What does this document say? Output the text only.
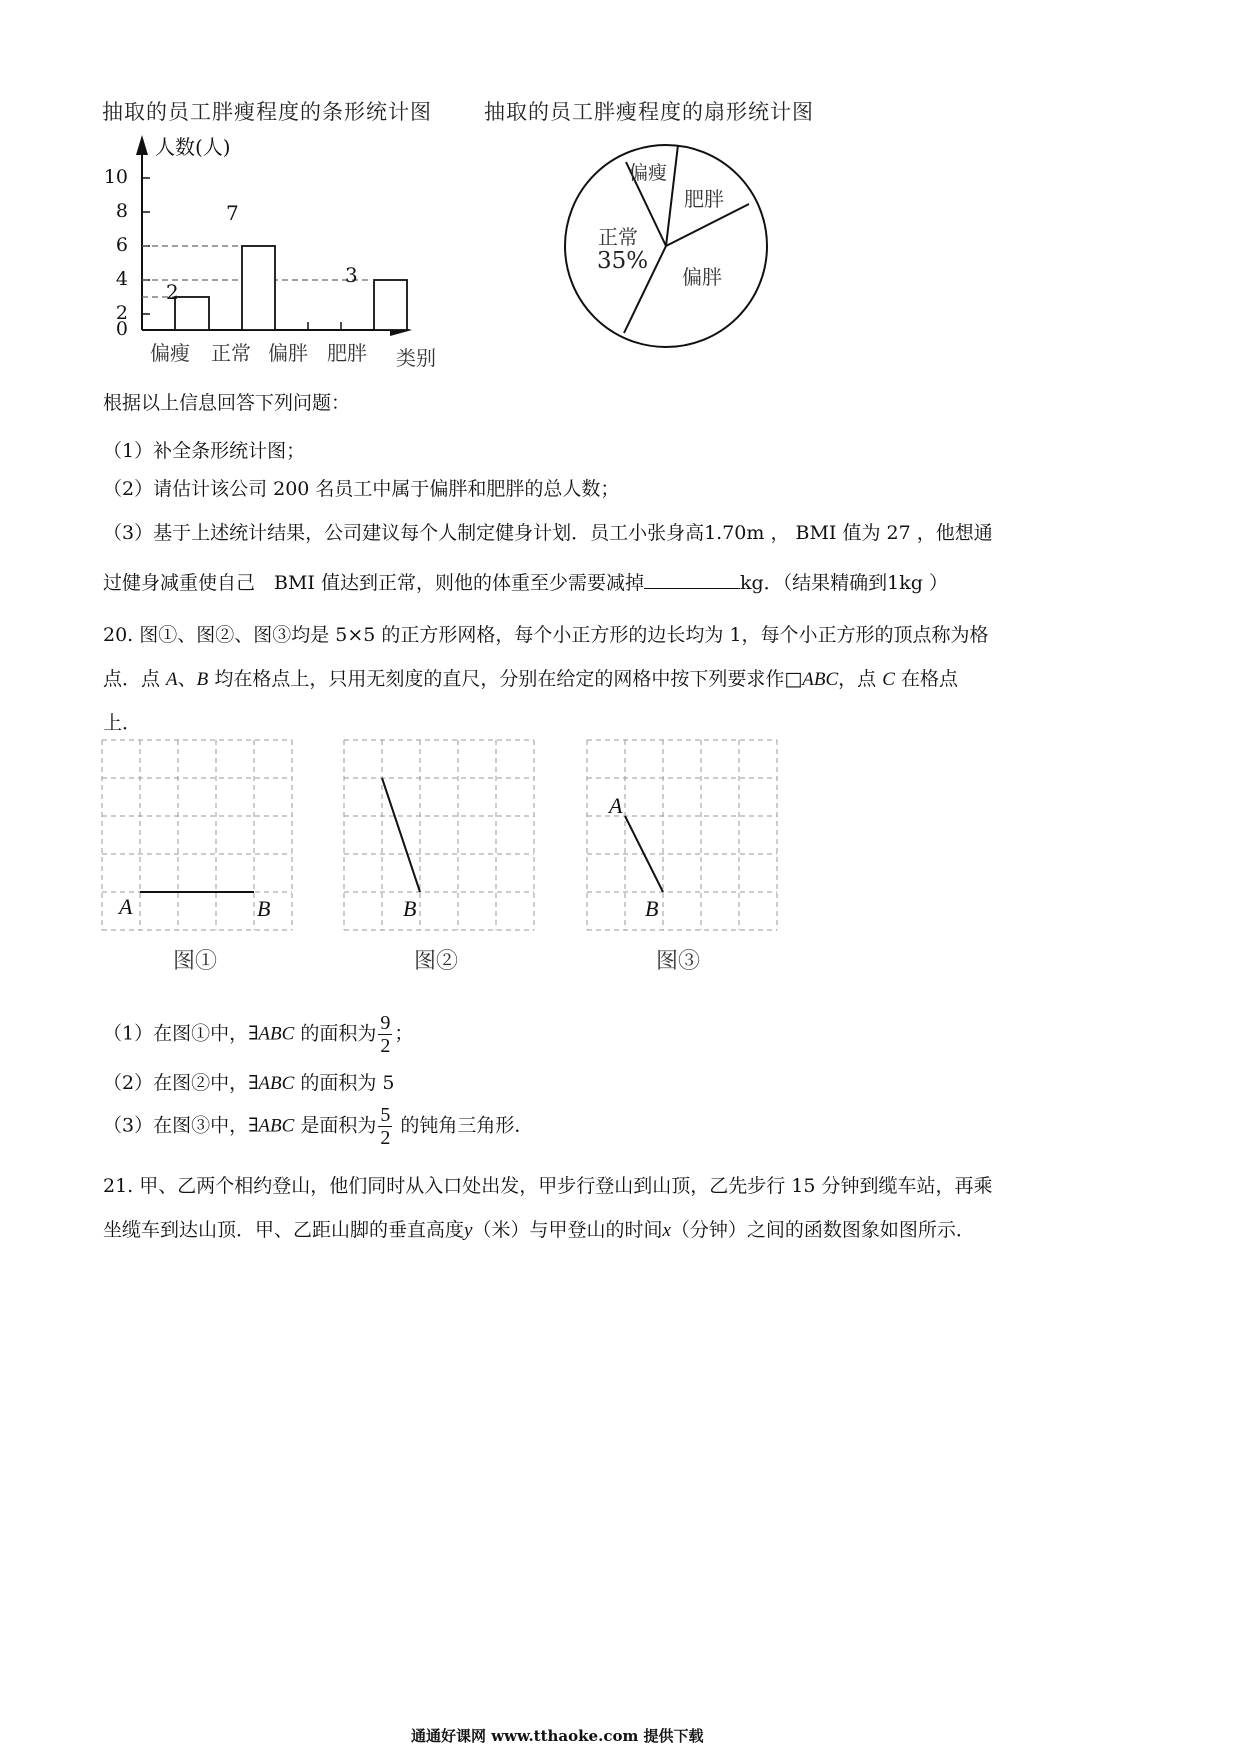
抽取的员工胖瘦程度的条形统计图 抽取的员工胖瘦程度的扇形统计图
人数(人)
10
8
6
4
2
0
2
7
3
偏瘦 正常 偏胖 肥胖 类别
偏瘦
肥胖
偏胖
正常
35%
根据以上信息回答下列问题：
（1）补全条形统计图；
（2）请估计该公司 200 名员工中属于偏胖和肥胖的总人数；
（3）基于上述统计结果，公司建议每个人制定健身计划．员工小张身高1.70m ， BMI 值为 27 ，他想通
过健身减重使自己　BMI 值达到正常，则他的体重至少需要减掉	kg．（结果精确到1kg ）
20. 图①、图②、图③均是 5×5 的正方形网格，每个小正方形的边长均为 1，每个小正方形的顶点称为格
点．点 A、B 均在格点上，只用无刻度的直尺，分别在给定的网格中按下列要求作□ABC，点 C 在格点
上．
A	B	B
A
B
图①	图②	图③
（1）在图①中，∃ABC 的面积为 $\frac{9}{2}$ ；
（2）在图②中，∃ABC 的面积为 5
（3）在图③中，∃ABC 是面积为 $\frac{5}{2}$ 的钝角三角形．
21. 甲、乙两个相约登山，他们同时从入口处出发，甲步行登山到山顶，乙先步行 15 分钟到缆车站，再乘
坐缆车到达山顶．甲、乙距山脚的垂直高度y（米）与甲登山的时间x（分钟）之间的函数图象如图所示．
通通好课网 www.tthaoke.com 提供下载
